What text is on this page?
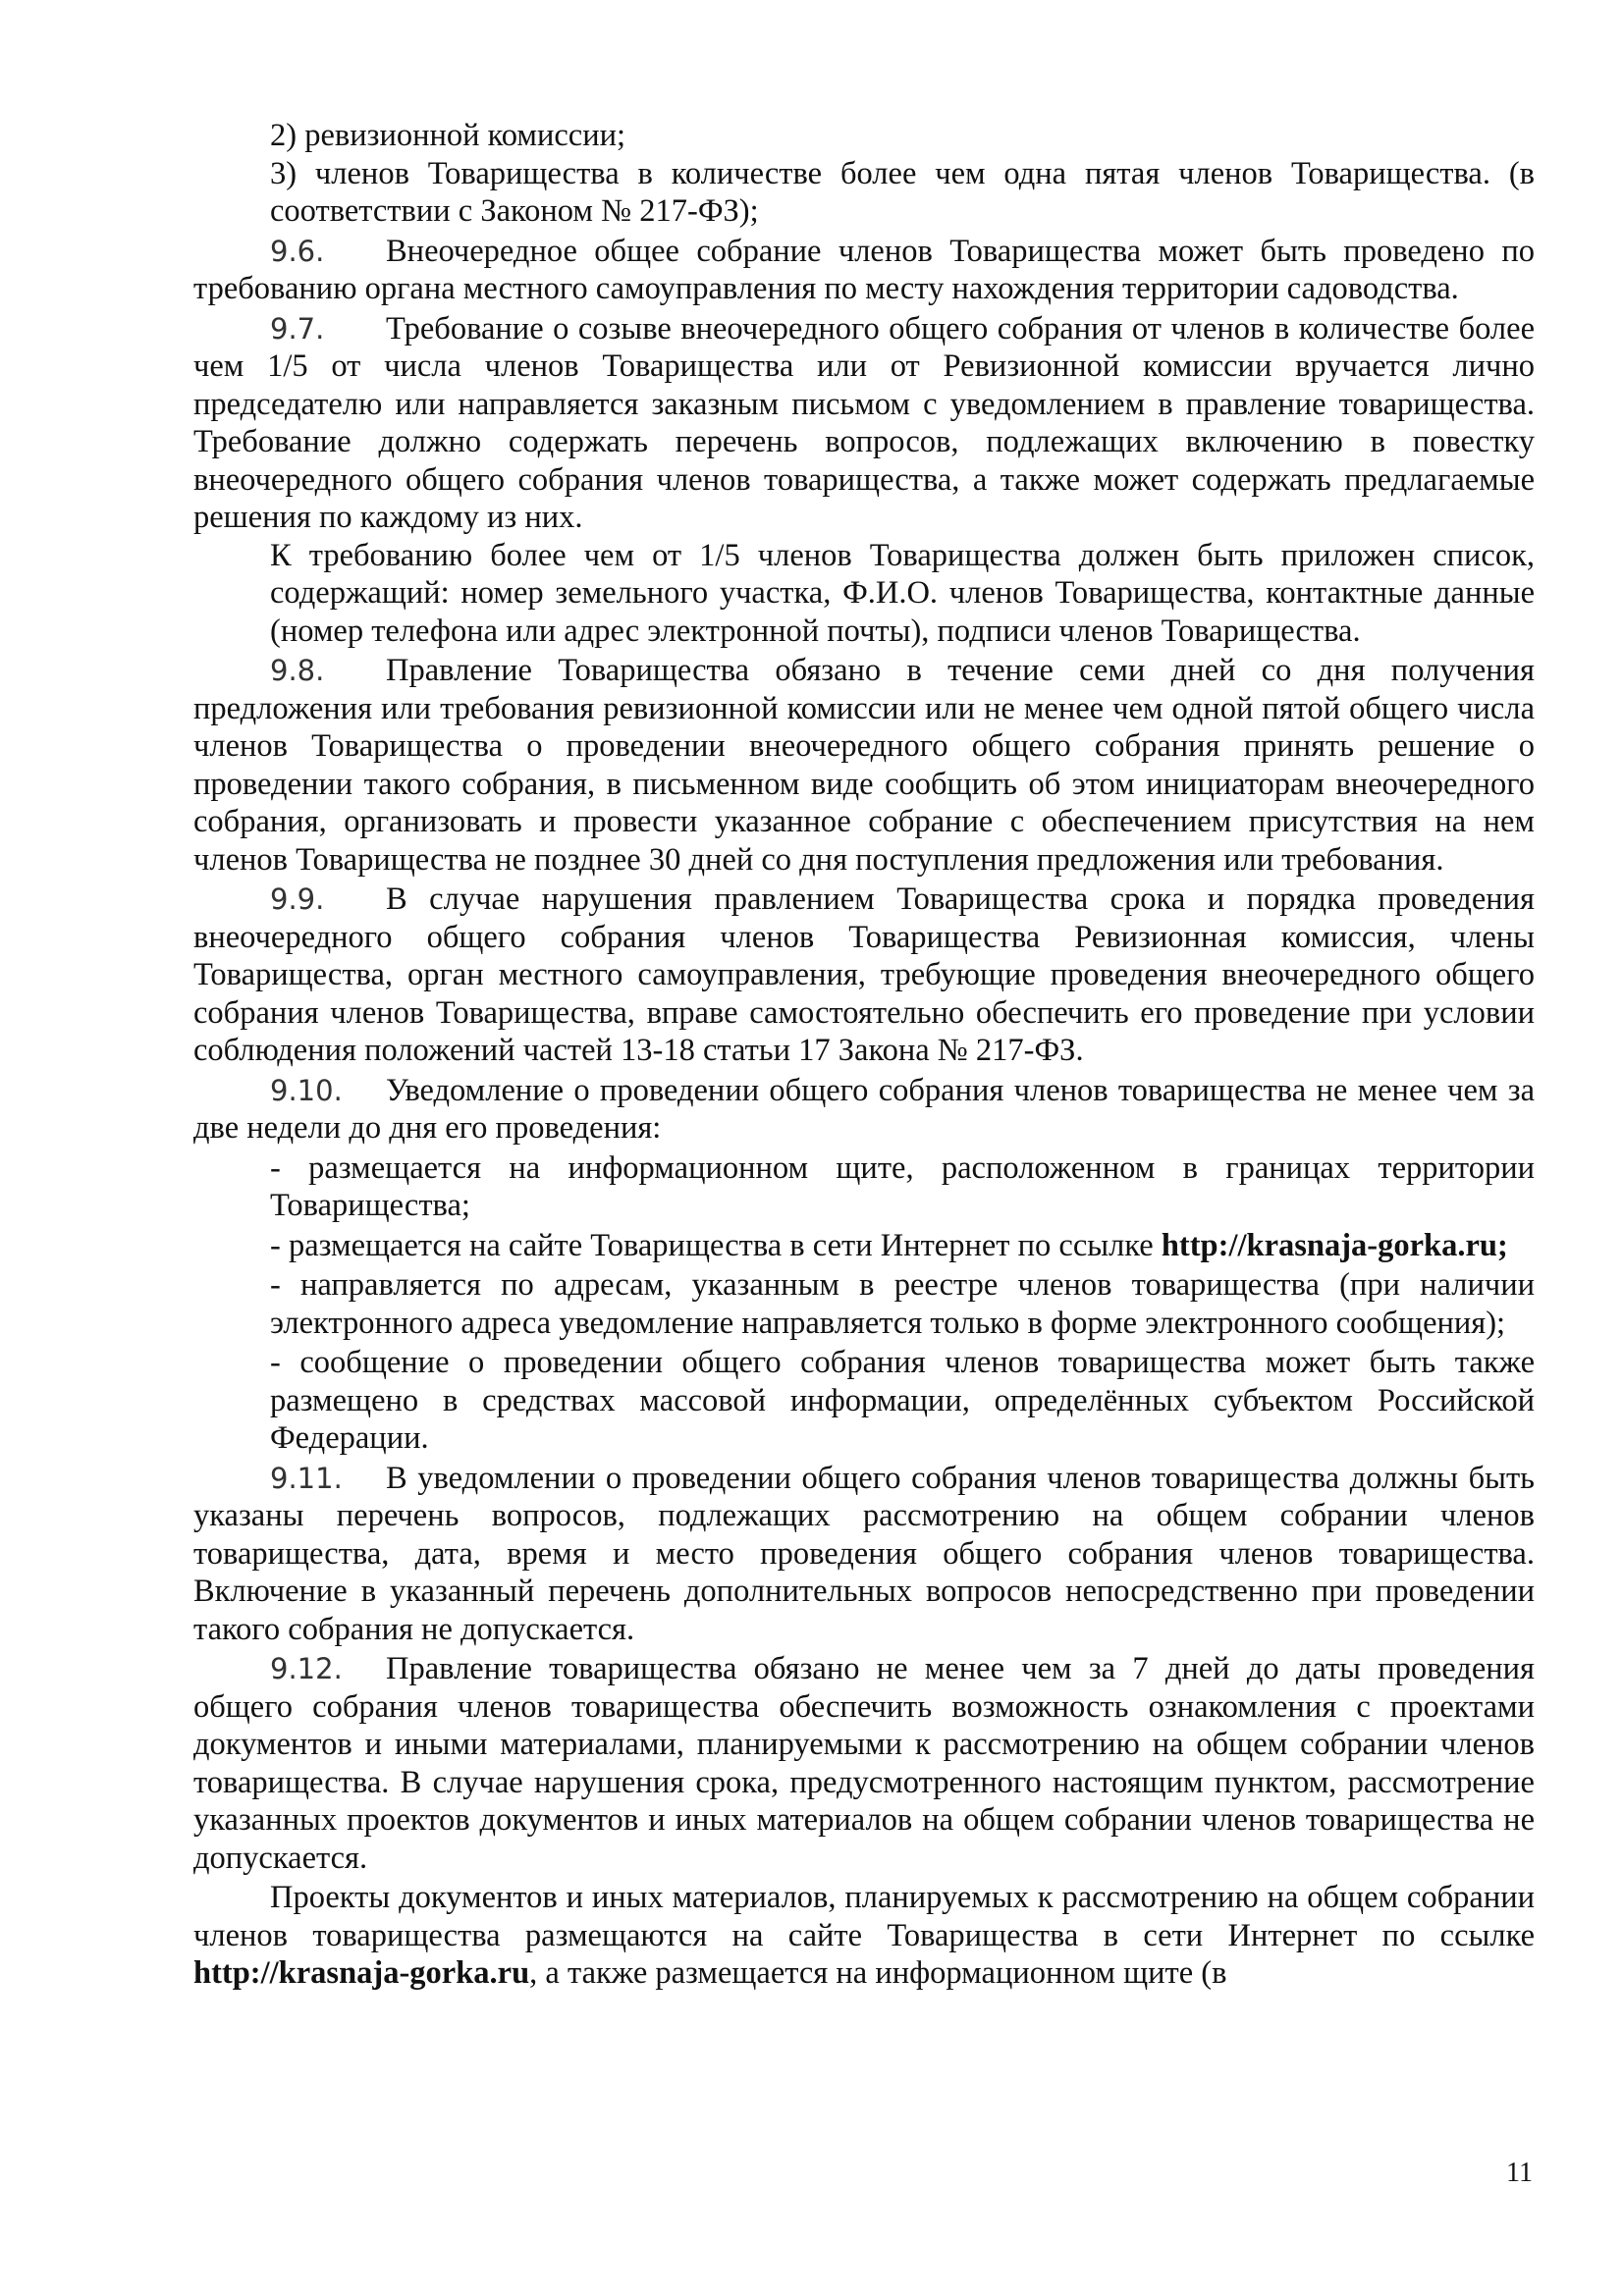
2) ревизионной комиссии;

3) членов Товарищества в количестве более чем одна пятая членов Товарищества. (в соответствии с Законом № 217-ФЗ);

9.6. Внеочередное общее собрание членов Товарищества может быть проведено по требованию органа местного самоуправления по месту нахождения территории садоводства.

9.7. Требование о созыве внеочередного общего собрания от членов в количестве более чем 1/5 от числа членов Товарищества или от Ревизионной комиссии вручается лично председателю или направляется заказным письмом с уведомлением в правление товарищества. Требование должно содержать перечень вопросов, подлежащих включению в повестку внеочередного общего собрания членов товарищества, а также может содержать предлагаемые решения по каждому из них.

К требованию более чем от 1/5 членов Товарищества должен быть приложен список, содержащий: номер земельного участка, Ф.И.О. членов Товарищества, контактные данные (номер телефона или адрес электронной почты), подписи членов Товарищества.

9.8. Правление Товарищества обязано в течение семи дней со дня получения предложения или требования ревизионной комиссии или не менее чем одной пятой общего числа членов Товарищества о проведении внеочередного общего собрания принять решение о проведении такого собрания, в письменном виде сообщить об этом инициаторам внеочередного собрания, организовать и провести указанное собрание с обеспечением присутствия на нем членов Товарищества не позднее 30 дней со дня поступления предложения или требования.

9.9. В случае нарушения правлением Товарищества срока и порядка проведения внеочередного общего собрания членов Товарищества Ревизионная комиссия, члены Товарищества, орган местного самоуправления, требующие проведения внеочередного общего собрания членов Товарищества, вправе самостоятельно обеспечить его проведение при условии соблюдения положений частей 13-18 статьи 17 Закона № 217-ФЗ.

9.10. Уведомление о проведении общего собрания членов товарищества не менее чем за две недели до дня его проведения:

- размещается на информационном щите, расположенном в границах территории Товарищества;

- размещается на сайте Товарищества в сети Интернет по ссылке http://krasnaja-gorka.ru;

- направляется по адресам, указанным в реестре членов товарищества (при наличии электронного адреса уведомление направляется только в форме электронного сообщения);

- сообщение о проведении общего собрания членов товарищества может быть также размещено в средствах массовой информации, определённых субъектом Российской Федерации.

9.11. В уведомлении о проведении общего собрания членов товарищества должны быть указаны перечень вопросов, подлежащих рассмотрению на общем собрании членов товарищества, дата, время и место проведения общего собрания членов товарищества. Включение в указанный перечень дополнительных вопросов непосредственно при проведении такого собрания не допускается.

9.12. Правление товарищества обязано не менее чем за 7 дней до даты проведения общего собрания членов товарищества обеспечить возможность ознакомления с проектами документов и иными материалами, планируемыми к рассмотрению на общем собрании членов товарищества. В случае нарушения срока, предусмотренного настоящим пунктом, рассмотрение указанных проектов документов и иных материалов на общем собрании членов товарищества не допускается.

Проекты документов и иных материалов, планируемых к рассмотрению на общем собрании членов товарищества размещаются на сайте Товарищества в сети Интернет по ссылке http://krasnaja-gorka.ru, а также размещается на информационном щите (в

11
